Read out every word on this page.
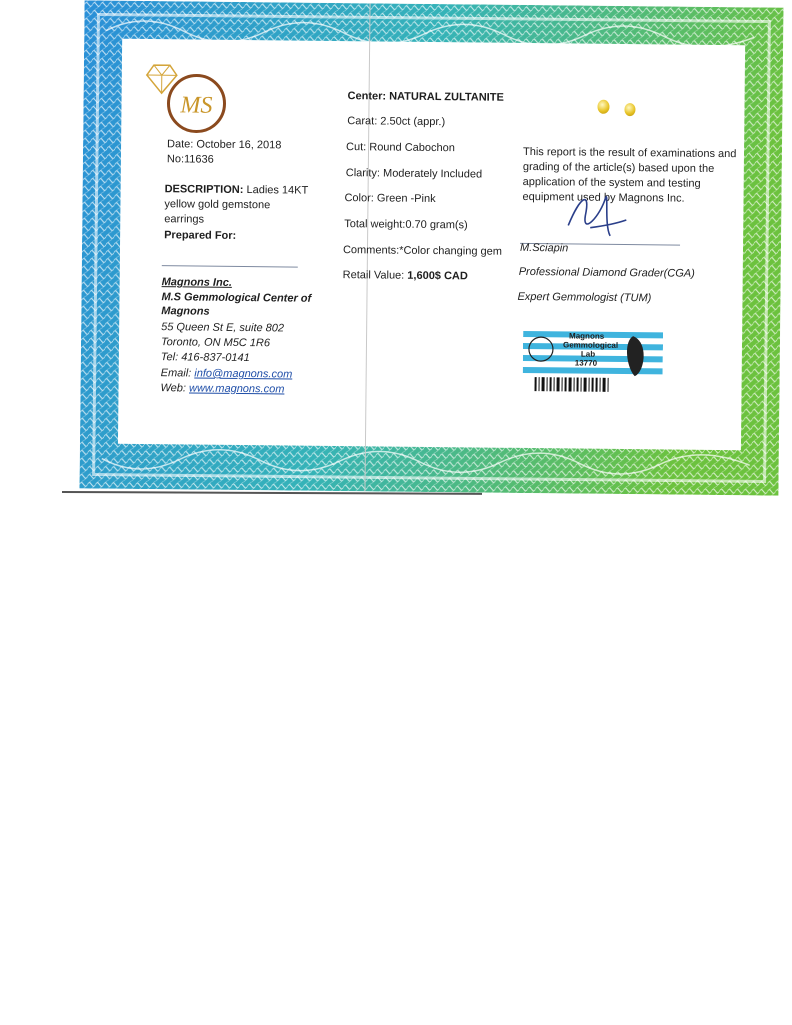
MS
Date: October 16, 2018
No:11636
DESCRIPTION: Ladies 14KT
yellow gold gemstone
earrings
Prepared For:
Magnons Inc.
M.S Gemmological Center of
Magnons
55 Queen St E, suite 802
Toronto, ON M5C 1R6
Tel: 416-837-0141
Email: info@magnons.com
Web: www.magnons.com
Center: NATURAL ZULTANITE
Carat: 2.50ct (appr.)
Cut: Round Cabochon
Clarity: Moderately Included
Color: Green -Pink
Total weight:0.70 gram(s)
Comments:*Color changing gem
Retail Value: 1,600$ CAD
This report is the result of examinations and
grading of the article(s) based upon the
application of the system and testing
equipment used by Magnons Inc.
M.Sciapin
Professional Diamond Grader(CGA)
Expert Gemmologist (TUM)
Magnons
Gemmological
Lab
13770
